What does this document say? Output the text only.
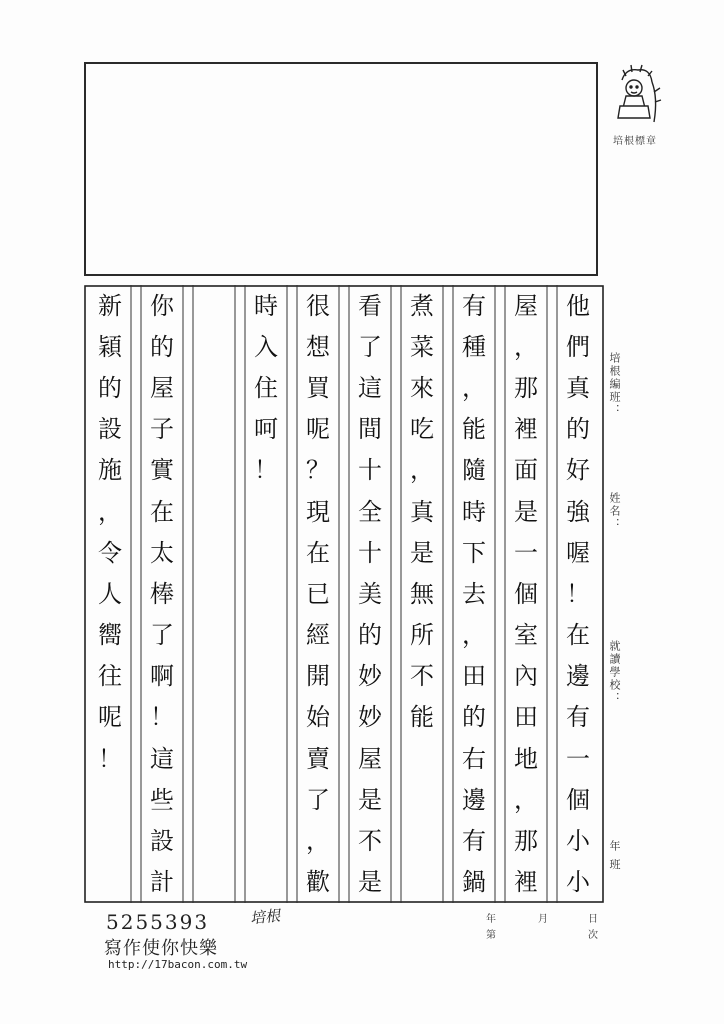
培根標章
培根編班：
姓名：
就讀學校：
年 班
他
們
真
的
好
強
喔
！
在
邊
有
一
個
小
小
屋
，
那
裡
面
是
一
個
室
內
田
地
，
那
裡
有
種
，
能
隨
時
下
去
，
田
的
右
邊
有
鍋
煮
菜
來
吃
，
真
是
無
所
不
能
看
了
這
間
十
全
十
美
的
妙
妙
屋
是
不
是
很
想
買
呢
？
現
在
已
經
開
始
賣
了
，
歡
時
入
住
呵
！
你
的
屋
子
實
在
太
棒
了
啊
！
這
些
設
計
新
穎
的
設
施
，
令
人
嚮
往
呢
！
5255393
寫作使你快樂
http://17bacon.com.tw
培根	年	月	日
第	次
